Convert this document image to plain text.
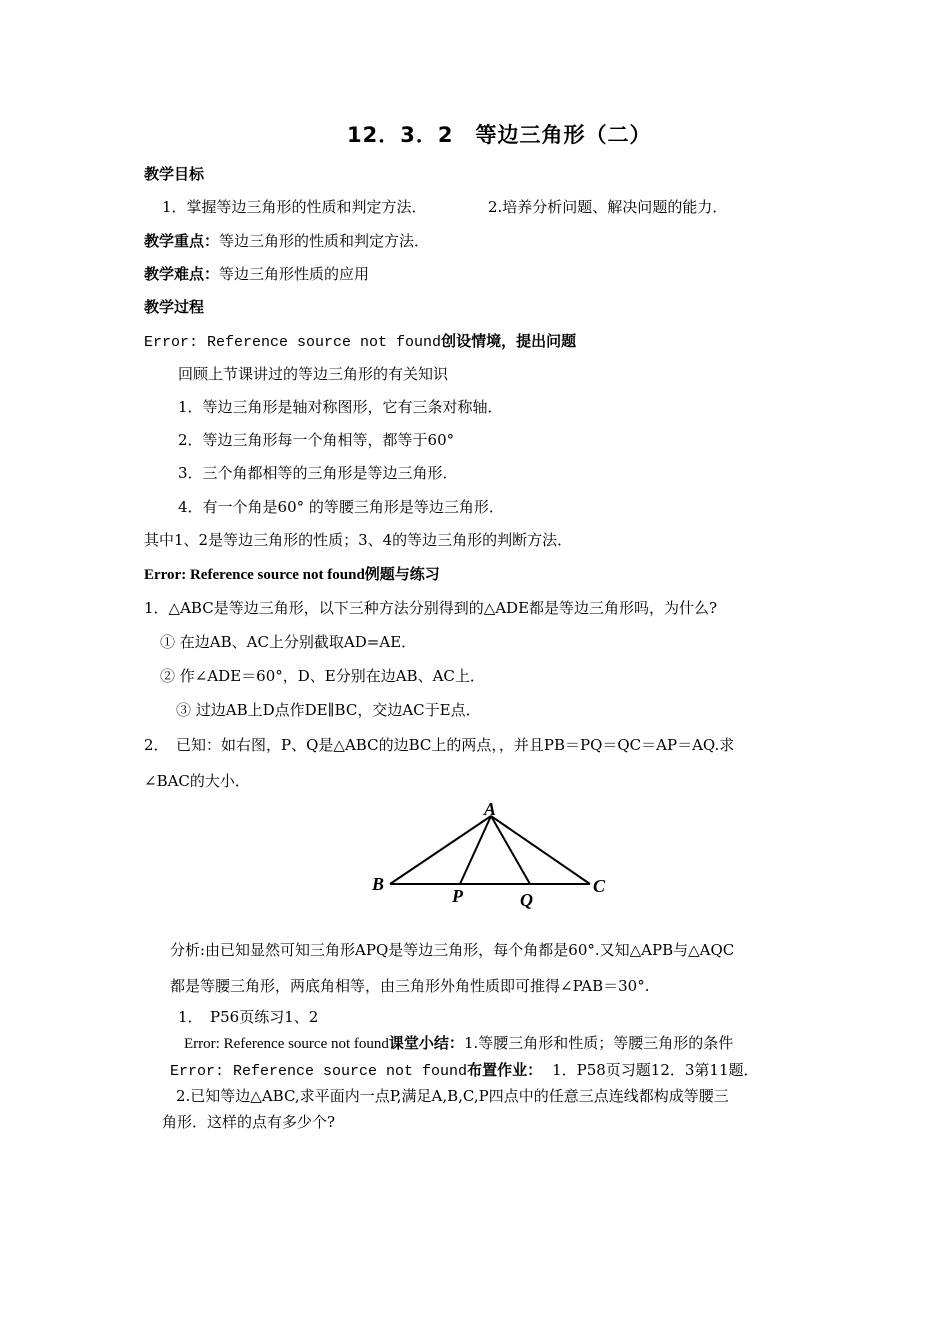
12．3．2　等边三角形（二）
教学目标
1．掌握等边三角形的性质和判定方法．	2.培养分析问题、解决问题的能力．
教学重点：等边三角形的性质和判定方法．
教学难点：等边三角形性质的应用
教学过程
Error: Reference source not found创设情境，提出问题
回顾上节课讲过的等边三角形的有关知识
1．等边三角形是轴对称图形，它有三条对称轴．
2．等边三角形每一个角相等，都等于60°
3．三个角都相等的三角形是等边三角形．
4．有一个角是60° 的等腰三角形是等边三角形．
其中1、2是等边三角形的性质；3、4的等边三角形的判断方法．
Error: Reference source not found例题与练习
1．△ABC是等边三角形，以下三种方法分别得到的△ADE都是等边三角形吗，为什么?
① 在边AB、AC上分别截取AD=AE．
② 作∠ADE＝60°，D、E分别在边AB、AC上．
③ 过边AB上D点作DE∥BC，交边AC于E点．
2．　已知：如右图，P、Q是△ABC的边BC上的两点，，并且PB＝PQ＝QC＝AP＝AQ.求
∠BAC的大小．
A
B	C
P	Q
分析:由已知显然可知三角形APQ是等边三角形，每个角都是60°.又知△APB与△AQC
都是等腰三角形，两底角相等，由三角形外角性质即可推得∠PAB＝30°.
1．　P56页练习1、2
Error: Reference source not found课堂小结：1.等腰三角形和性质；等腰三角形的条件
Error: Reference source not found布置作业： 1．P58页习题12．3第11题．
2.已知等边△ABC,求平面内一点P,满足A,B,C,P四点中的任意三点连线都构成等腰三
角形．这样的点有多少个?
